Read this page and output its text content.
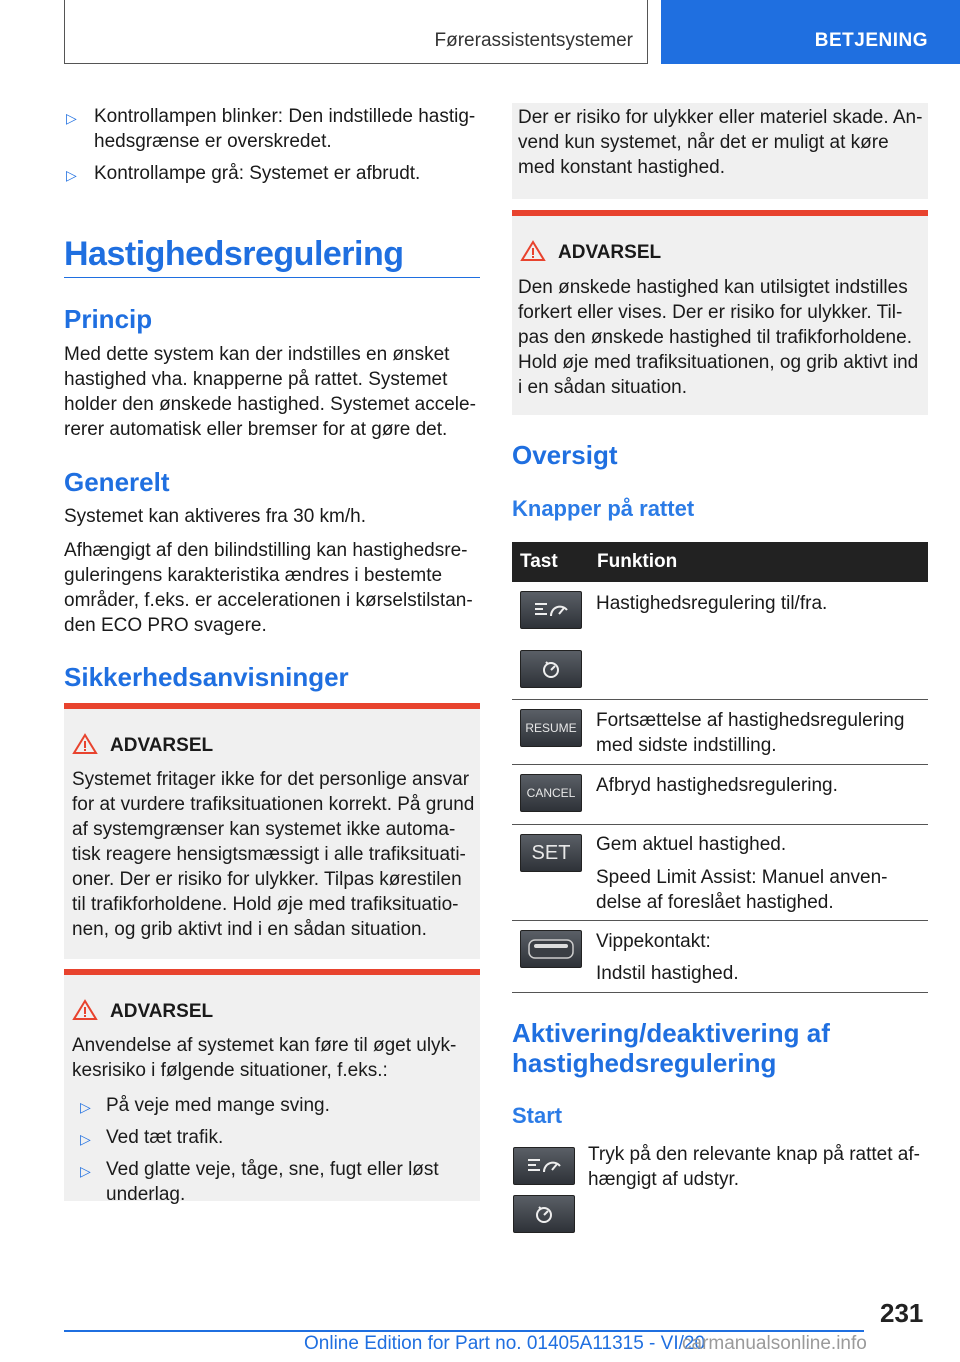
Førerassistentsystemer	BETJENING
▷ Kontrollampen blinker: Den indstillede hastig-
hedsgrænse er overskredet.
▷ Kontrollampe grå: Systemet er afbrudt.
Hastighedsregulering
Princip
Med dette system kan der indstilles en ønsket
hastighed vha. knapperne på rattet. Systemet
holder den ønskede hastighed. Systemet accele-
rerer automatisk eller bremser for at gøre det.
Generelt
Systemet kan aktiveres fra 30 km/h.
Afhængigt af den bilindstilling kan hastighedsre-
guleringens karakteristika ændres i bestemte
områder, f.eks. er accelerationen i kørselstilstan-
den ECO PRO svagere.
Sikkerhedsanvisninger
ADVARSEL
Systemet fritager ikke for det personlige ansvar
for at vurdere trafiksituationen korrekt. På grund
af systemgrænser kan systemet ikke automa-
tisk reagere hensigtsmæssigt i alle trafiksituati-
oner. Der er risiko for ulykker. Tilpas kørestilen
til trafikforholdene. Hold øje med trafiksituatio-
nen, og grib aktivt ind i en sådan situation.
ADVARSEL
Anvendelse af systemet kan føre til øget ulyk-
kesrisiko i følgende situationer, f.eks.:
▷ På veje med mange sving.
▷ Ved tæt trafik.
▷ Ved glatte veje, tåge, sne, fugt eller løst
underlag.
Der er risiko for ulykker eller materiel skade. An-
vend kun systemet, når det er muligt at køre
med konstant hastighed.
ADVARSEL
Den ønskede hastighed kan utilsigtet indstilles
forkert eller vises. Der er risiko for ulykker. Til-
pas den ønskede hastighed til trafikforholdene.
Hold øje med trafiksituationen, og grib aktivt ind
i en sådan situation.
Oversigt
Knapper på rattet
Tast Funktion
Hastighedsregulering til/fra.
RESUME Fortsættelse af hastighedsregulering
med sidste indstilling.
CANCEL	Afbryd hastighedsregulering.
SET	Gem aktuel hastighed.
Speed Limit Assist: Manuel anven-
delse af foreslået hastighed.
Vippekontakt:
Indstil hastighed.
Aktivering/deaktivering af
hastighedsregulering
Start
Tryk på den relevante knap på rattet af-
hængigt af udstyr.
231
Online Edition for Part no. 01405A11315 - VI/20
carmanualsonline.info
